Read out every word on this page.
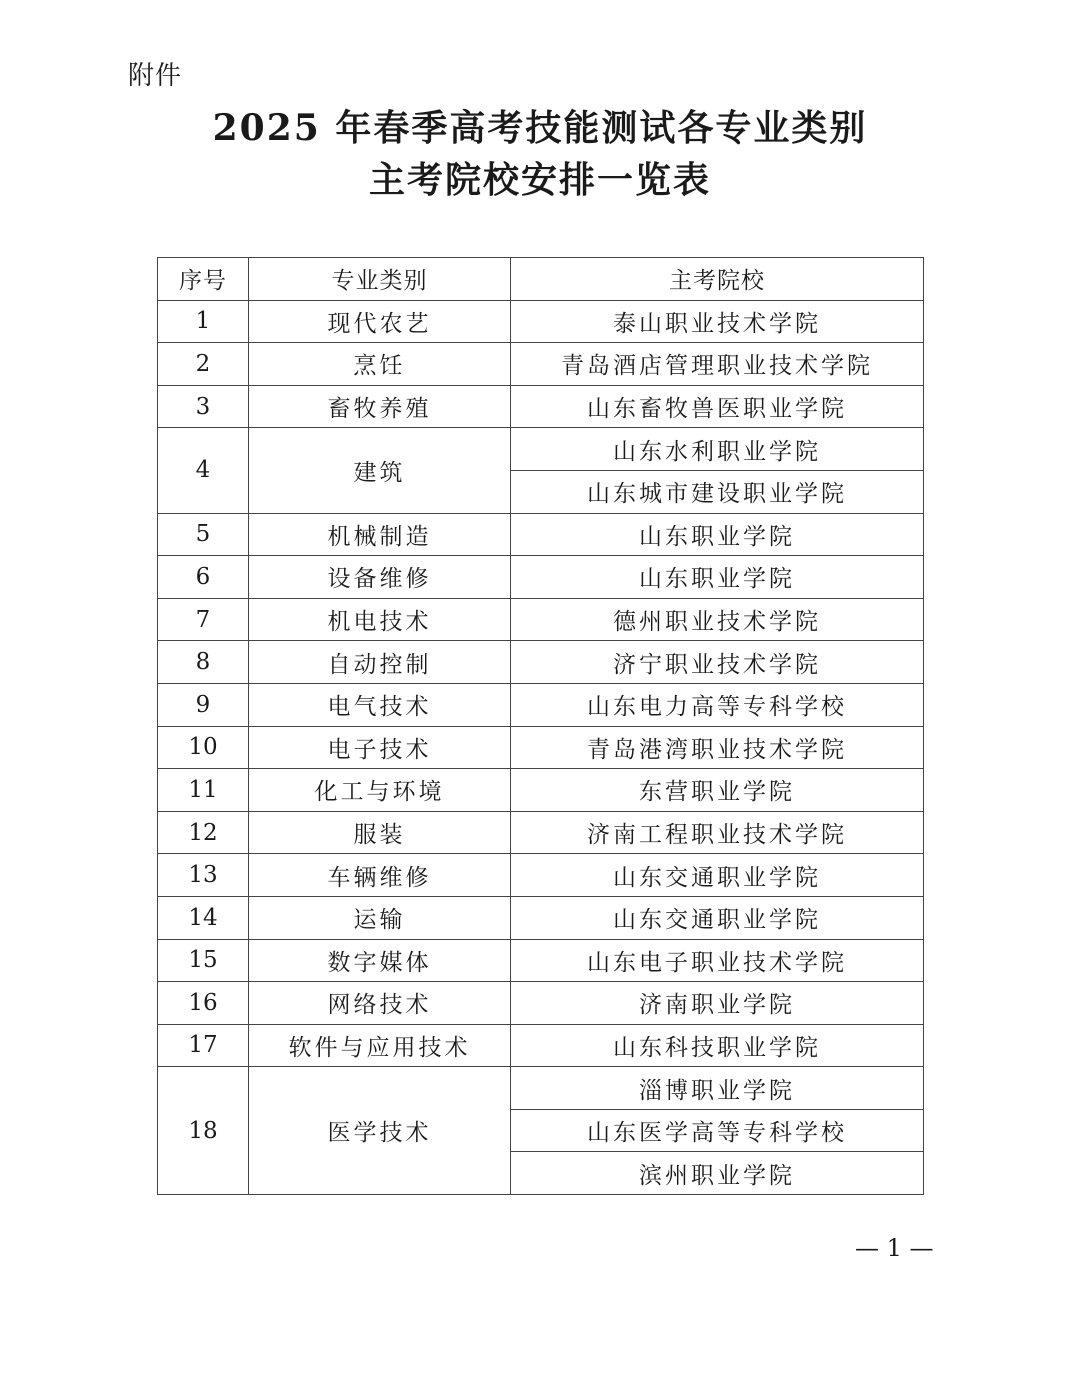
附件
2025 年春季高考技能测试各专业类别
主考院校安排一览表
序号	专业类别	主考院校
1	现代农艺	泰山职业技术学院
2	烹饪	青岛酒店管理职业技术学院
3	畜牧养殖	山东畜牧兽医职业学院
4	建筑	山东水利职业学院
		山东城市建设职业学院
5	机械制造	山东职业学院
6	设备维修	山东职业学院
7	机电技术	德州职业技术学院
8	自动控制	济宁职业技术学院
9	电气技术	山东电力高等专科学校
10	电子技术	青岛港湾职业技术学院
11	化工与环境	东营职业学院
12	服装	济南工程职业技术学院
13	车辆维修	山东交通职业学院
14	运输	山东交通职业学院
15	数字媒体	山东电子职业技术学院
16	网络技术	济南职业学院
17	软件与应用技术	山东科技职业学院
18	医学技术	淄博职业学院
		山东医学高等专科学校
		滨州职业学院
— 1 —
